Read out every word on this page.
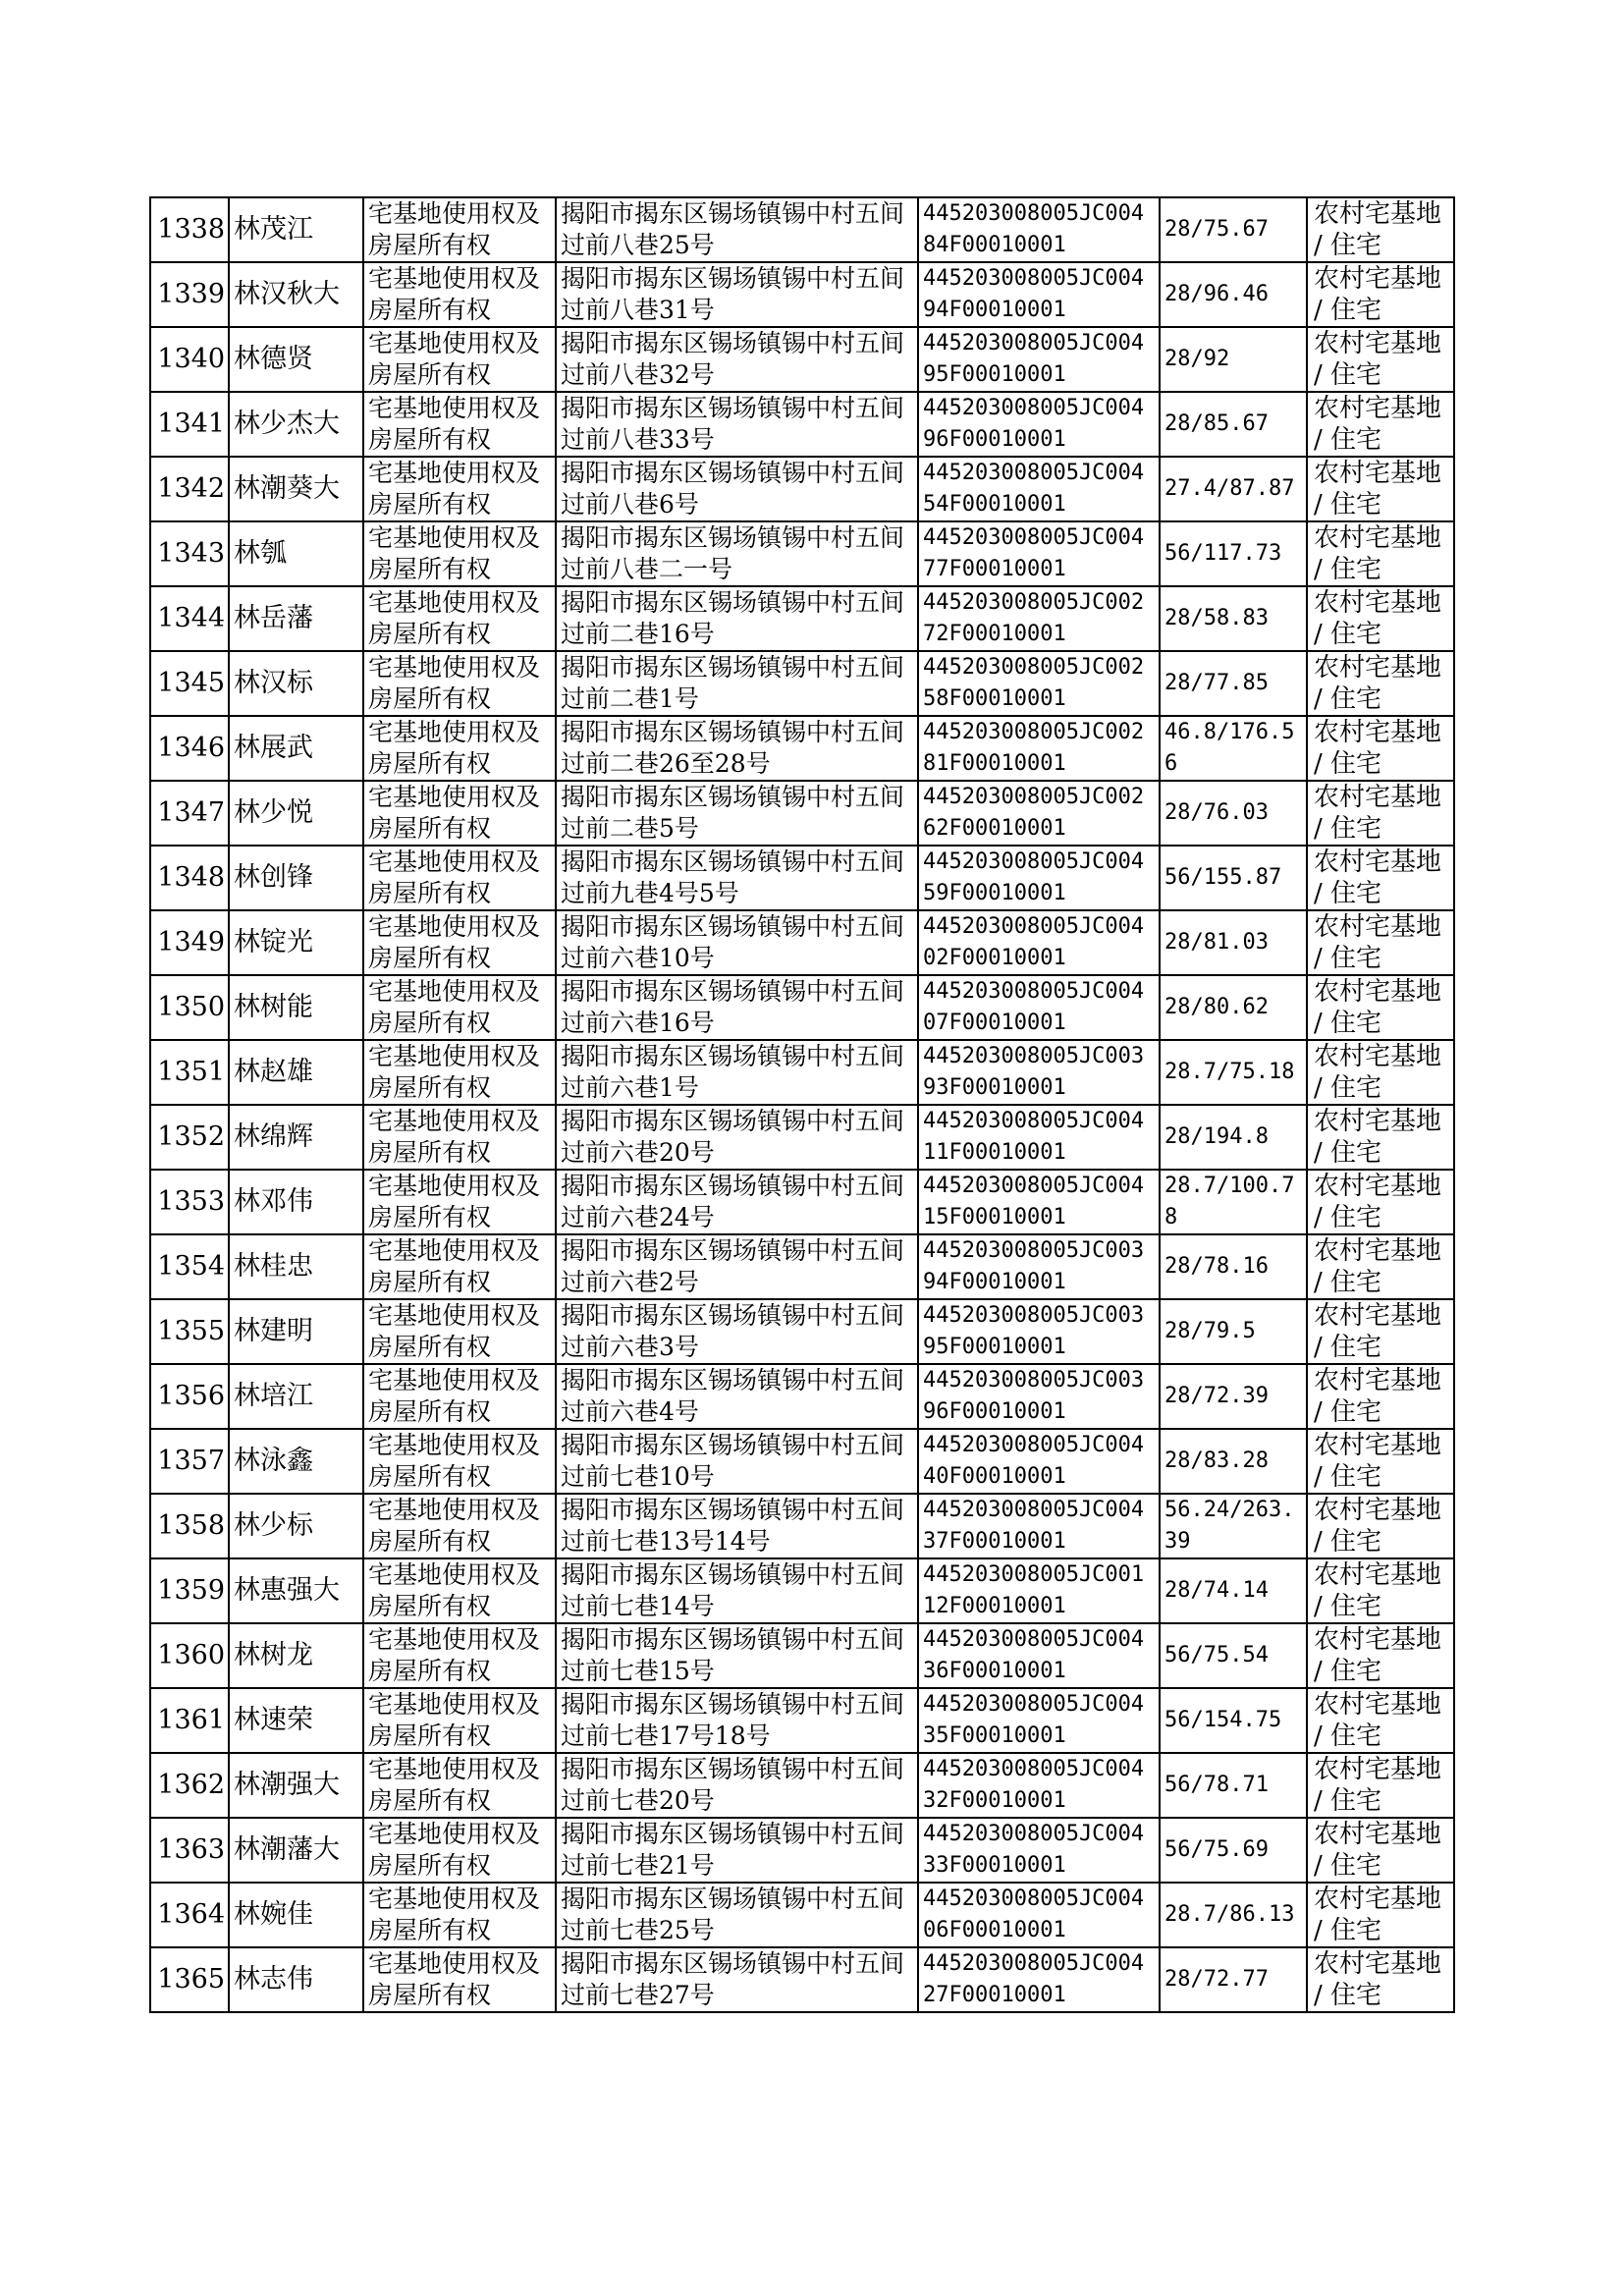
1338	林茂江	宅基地使用权及房屋所有权	揭阳市揭东区锡场镇锡中村五间过前八巷25号	445203008005JC00484F00010001	28/75.67	农村宅基地 / 住宅
1339	林汉秋大	宅基地使用权及房屋所有权	揭阳市揭东区锡场镇锡中村五间过前八巷31号	445203008005JC00494F00010001	28/96.46	农村宅基地 / 住宅
1340	林德贤	宅基地使用权及房屋所有权	揭阳市揭东区锡场镇锡中村五间过前八巷32号	445203008005JC00495F00010001	28/92	农村宅基地 / 住宅
1341	林少杰大	宅基地使用权及房屋所有权	揭阳市揭东区锡场镇锡中村五间过前八巷33号	445203008005JC00496F00010001	28/85.67	农村宅基地 / 住宅
1342	林潮葵大	宅基地使用权及房屋所有权	揭阳市揭东区锡场镇锡中村五间过前八巷6号	445203008005JC00454F00010001	27.4/87.87	农村宅基地 / 住宅
1343	林瓠	宅基地使用权及房屋所有权	揭阳市揭东区锡场镇锡中村五间过前八巷二一号	445203008005JC00477F00010001	56/117.73	农村宅基地 / 住宅
1344	林岳藩	宅基地使用权及房屋所有权	揭阳市揭东区锡场镇锡中村五间过前二巷16号	445203008005JC00272F00010001	28/58.83	农村宅基地 / 住宅
1345	林汉标	宅基地使用权及房屋所有权	揭阳市揭东区锡场镇锡中村五间过前二巷1号	445203008005JC00258F00010001	28/77.85	农村宅基地 / 住宅
1346	林展武	宅基地使用权及房屋所有权	揭阳市揭东区锡场镇锡中村五间过前二巷26至28号	445203008005JC00281F00010001	46.8/176.56	农村宅基地 / 住宅
1347	林少悦	宅基地使用权及房屋所有权	揭阳市揭东区锡场镇锡中村五间过前二巷5号	445203008005JC00262F00010001	28/76.03	农村宅基地 / 住宅
1348	林创锋	宅基地使用权及房屋所有权	揭阳市揭东区锡场镇锡中村五间过前九巷4号5号	445203008005JC00459F00010001	56/155.87	农村宅基地 / 住宅
1349	林锭光	宅基地使用权及房屋所有权	揭阳市揭东区锡场镇锡中村五间过前六巷10号	445203008005JC00402F00010001	28/81.03	农村宅基地 / 住宅
1350	林树能	宅基地使用权及房屋所有权	揭阳市揭东区锡场镇锡中村五间过前六巷16号	445203008005JC00407F00010001	28/80.62	农村宅基地 / 住宅
1351	林赵雄	宅基地使用权及房屋所有权	揭阳市揭东区锡场镇锡中村五间过前六巷1号	445203008005JC00393F00010001	28.7/75.18	农村宅基地 / 住宅
1352	林绵辉	宅基地使用权及房屋所有权	揭阳市揭东区锡场镇锡中村五间过前六巷20号	445203008005JC00411F00010001	28/194.8	农村宅基地 / 住宅
1353	林邓伟	宅基地使用权及房屋所有权	揭阳市揭东区锡场镇锡中村五间过前六巷24号	445203008005JC00415F00010001	28.7/100.78	农村宅基地 / 住宅
1354	林桂忠	宅基地使用权及房屋所有权	揭阳市揭东区锡场镇锡中村五间过前六巷2号	445203008005JC00394F00010001	28/78.16	农村宅基地 / 住宅
1355	林建明	宅基地使用权及房屋所有权	揭阳市揭东区锡场镇锡中村五间过前六巷3号	445203008005JC00395F00010001	28/79.5	农村宅基地 / 住宅
1356	林培江	宅基地使用权及房屋所有权	揭阳市揭东区锡场镇锡中村五间过前六巷4号	445203008005JC00396F00010001	28/72.39	农村宅基地 / 住宅
1357	林泳鑫	宅基地使用权及房屋所有权	揭阳市揭东区锡场镇锡中村五间过前七巷10号	445203008005JC00440F00010001	28/83.28	农村宅基地 / 住宅
1358	林少标	宅基地使用权及房屋所有权	揭阳市揭东区锡场镇锡中村五间过前七巷13号14号	445203008005JC00437F00010001	56.24/263.39	农村宅基地 / 住宅
1359	林惠强大	宅基地使用权及房屋所有权	揭阳市揭东区锡场镇锡中村五间过前七巷14号	445203008005JC00112F00010001	28/74.14	农村宅基地 / 住宅
1360	林树龙	宅基地使用权及房屋所有权	揭阳市揭东区锡场镇锡中村五间过前七巷15号	445203008005JC00436F00010001	56/75.54	农村宅基地 / 住宅
1361	林速荣	宅基地使用权及房屋所有权	揭阳市揭东区锡场镇锡中村五间过前七巷17号18号	445203008005JC00435F00010001	56/154.75	农村宅基地 / 住宅
1362	林潮强大	宅基地使用权及房屋所有权	揭阳市揭东区锡场镇锡中村五间过前七巷20号	445203008005JC00432F00010001	56/78.71	农村宅基地 / 住宅
1363	林潮藩大	宅基地使用权及房屋所有权	揭阳市揭东区锡场镇锡中村五间过前七巷21号	445203008005JC00433F00010001	56/75.69	农村宅基地 / 住宅
1364	林婉佳	宅基地使用权及房屋所有权	揭阳市揭东区锡场镇锡中村五间过前七巷25号	445203008005JC00406F00010001	28.7/86.13	农村宅基地 / 住宅
1365	林志伟	宅基地使用权及房屋所有权	揭阳市揭东区锡场镇锡中村五间过前七巷27号	445203008005JC00427F00010001	28/72.77	农村宅基地 / 住宅
